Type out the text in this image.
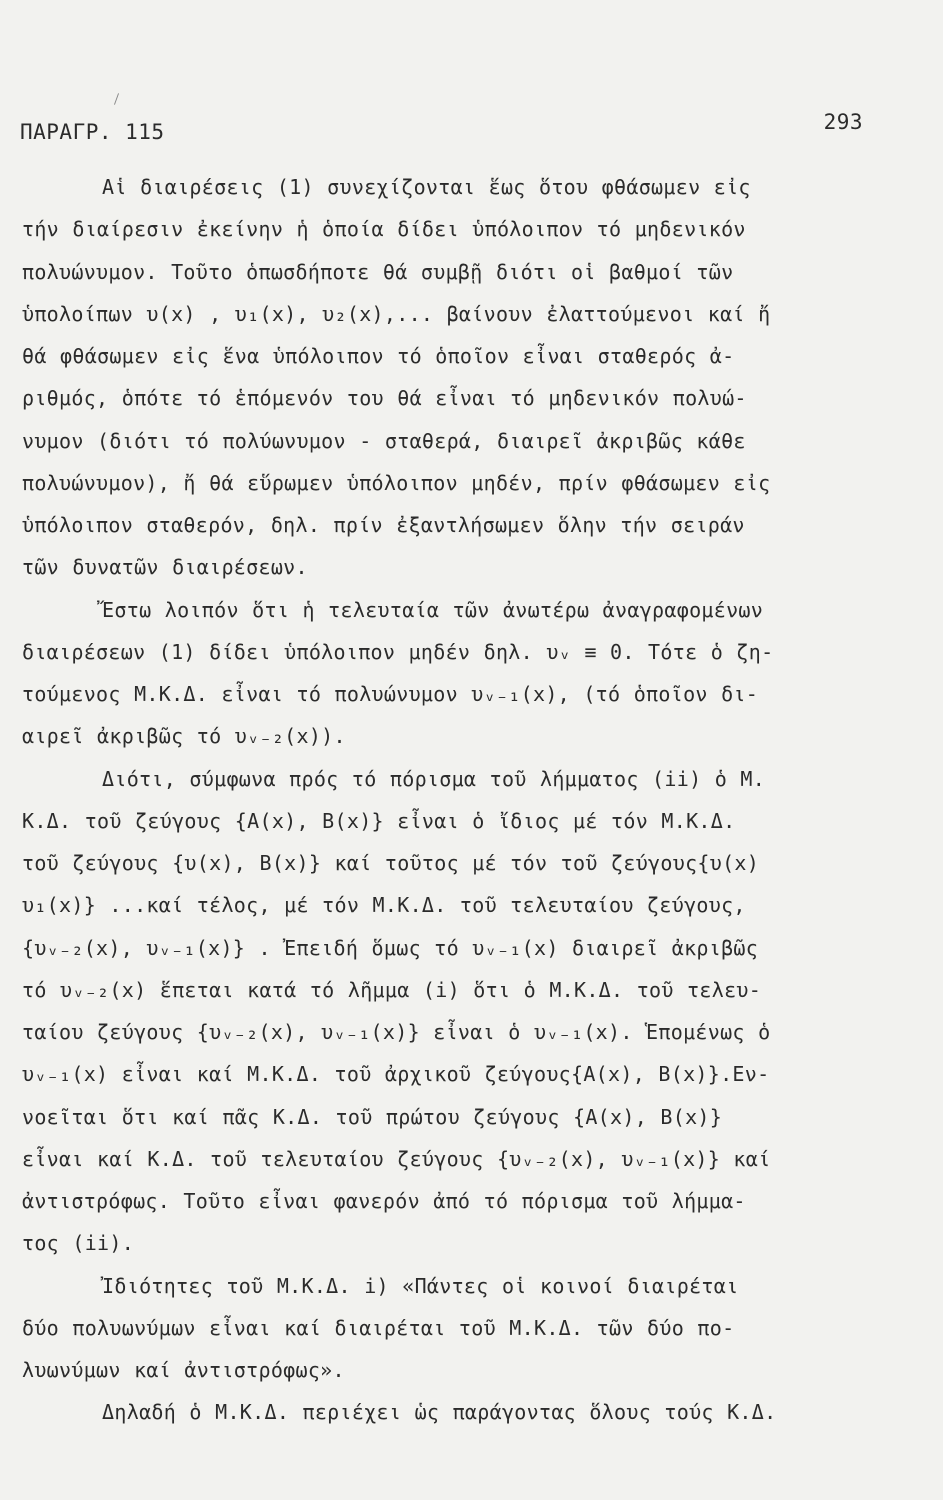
ΠΑΡΑΓΡ. 115	293
Αἱ διαιρέσεις (1) συνεχίζονται ἕως ὅτου φθάσωμεν εἰς
τήν διαίρεσιν ἐκείνην ἡ ὁποία δίδει ὑπόλοιπον τό μηδενικόν
πολυώνυμον. Τοῦτο ὁπωσδήποτε θά συμβῇ διότι οἱ βαθμοί τῶν
ὑπολοίπων υ(x) , υ₁(x), υ₂(x),... βαίνουν ἐλαττούμενοι καί ἤ
θά φθάσωμεν εἰς ἕνα ὑπόλοιπον τό ὁποῖον εἶναι σταθερός ἀ-
ριθμός, ὁπότε τό ἑπόμενόν του θά εἶναι τό μηδενικόν πολυώ-
νυμον (διότι τό πολύωνυμον - σταθερά, διαιρεῖ ἀκριβῶς κάθε
πολυώνυμον), ἤ θά εὕρωμεν ὑπόλοιπον μηδέν, πρίν φθάσωμεν εἰς
ὑπόλοιπον σταθερόν, δηλ. πρίν ἐξαντλήσωμεν ὅλην τήν σειράν
τῶν δυνατῶν διαιρέσεων.
Ἔστω λοιπόν ὅτι ἡ τελευταία τῶν ἀνωτέρω ἀναγραφομένων
διαιρέσεων (1) δίδει ὑπόλοιπον μηδέν δηλ. υᵥ ≡ 0. Τότε ὁ ζη-
τούμενος Μ.Κ.Δ. εἶναι τό πολυώνυμον υᵥ₋₁(x), (τό ὁποῖον δι-
αιρεῖ ἀκριβῶς τό υᵥ₋₂(x)).
Διότι, σύμφωνα πρός τό πόρισμα τοῦ λήμματος (ii) ὁ Μ.
Κ.Δ. τοῦ ζεύγους {A(x), B(x)} εἶναι ὁ ἴδιος μέ τόν Μ.Κ.Δ.
τοῦ ζεύγους {υ(x), B(x)} καί τοῦτος μέ τόν τοῦ ζεύγους{υ(x)
υ₁(x)} ...καί τέλος, μέ τόν Μ.Κ.Δ. τοῦ τελευταίου ζεύγους,
{υᵥ₋₂(x), υᵥ₋₁(x)} . Ἐπειδή ὅμως τό υᵥ₋₁(x) διαιρεῖ ἀκριβῶς
τό υᵥ₋₂(x) ἕπεται κατά τό λῆμμα (i) ὅτι ὁ Μ.Κ.Δ. τοῦ τελευ-
ταίου ζεύγους {υᵥ₋₂(x), υᵥ₋₁(x)} εἶναι ὁ υᵥ₋₁(x). Ἑπομένως ὁ
υᵥ₋₁(x) εἶναι καί Μ.Κ.Δ. τοῦ ἀρχικοῦ ζεύγους{A(x), B(x)}.Εν-
νοεῖται ὅτι καί πᾶς Κ.Δ. τοῦ πρώτου ζεύγους {A(x), B(x)}
εἶναι καί Κ.Δ. τοῦ τελευταίου ζεύγους {υᵥ₋₂(x), υᵥ₋₁(x)} καί
ἀντιστρόφως. Τοῦτο εἶναι φανερόν ἀπό τό πόρισμα τοῦ λήμμα-
τος (ii).
Ἰδιότητες τοῦ Μ.Κ.Δ. i) «Πάντες οἱ κοινοί διαιρέται
δύο πολυωνύμων εἶναι καί διαιρέται τοῦ Μ.Κ.Δ. τῶν δύο πο-
λυωνύμων καί ἀντιστρόφως».
Δηλαδή ὁ Μ.Κ.Δ. περιέχει ὡς παράγοντας ὅλους τούς Κ.Δ.
